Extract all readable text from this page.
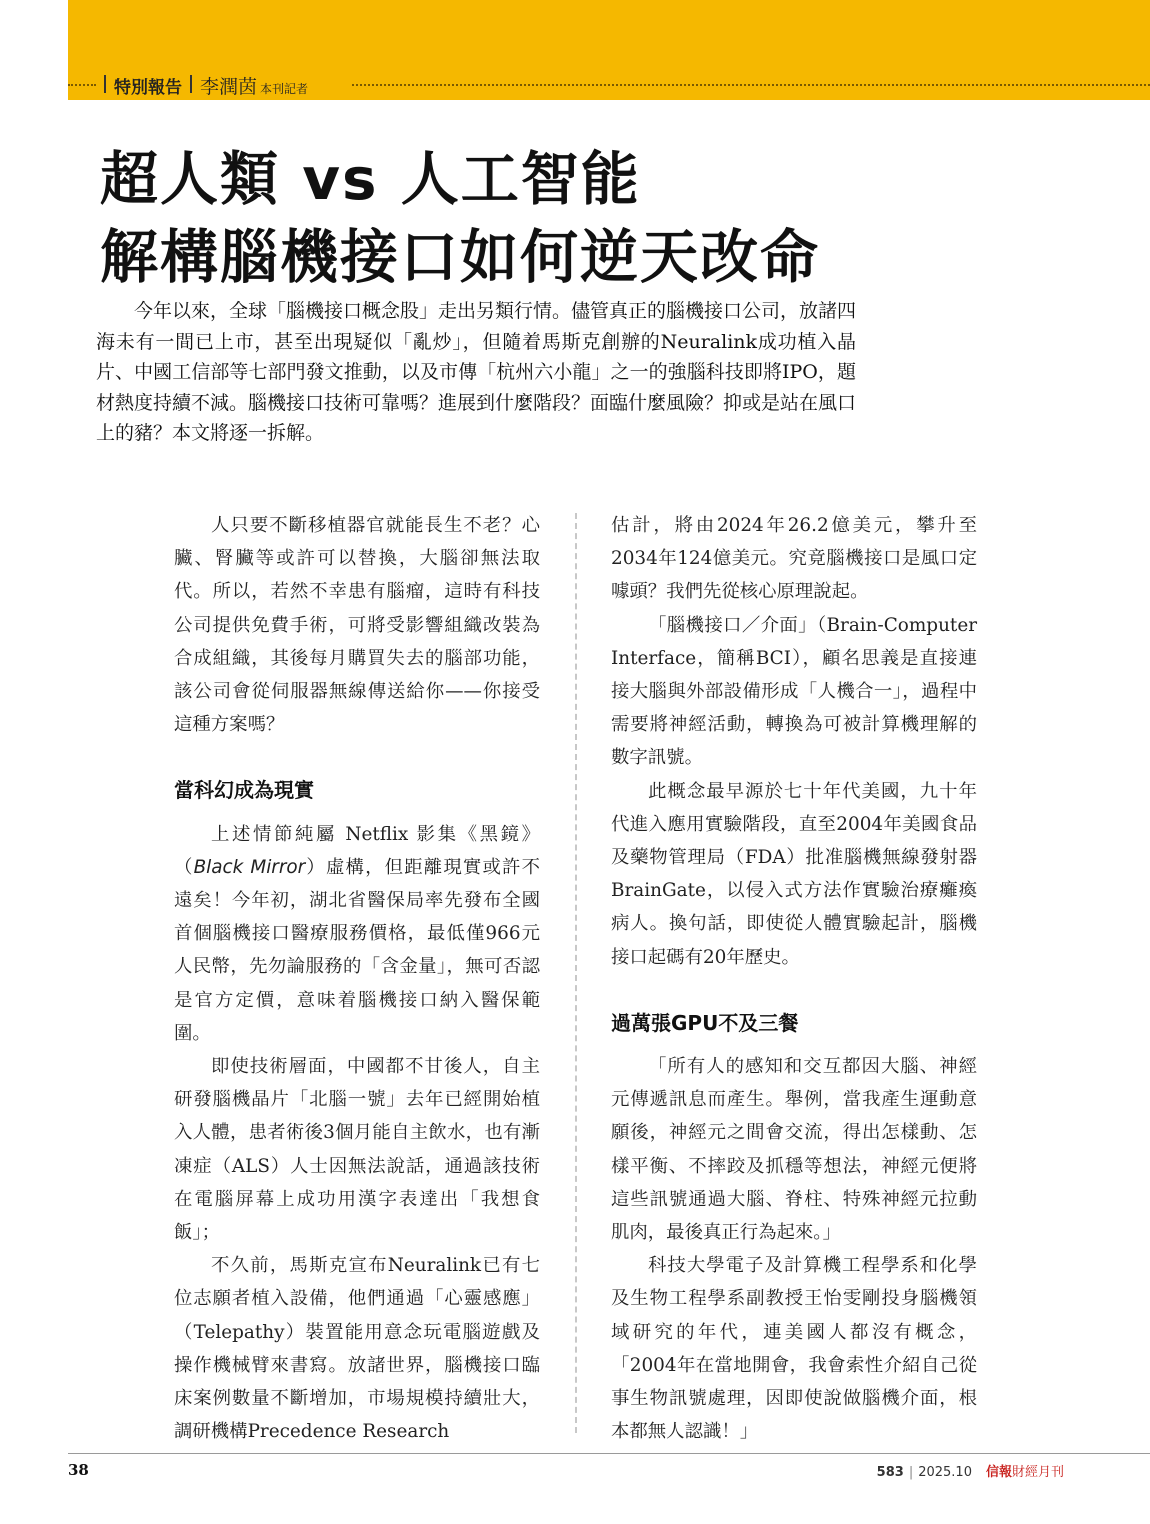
特別報告 李潤茵 本刊記者
超人類 vs 人工智能
解構腦機接口如何逆天改命

今年以來，全球「腦機接口概念股」走出另類行情。儘管真正的腦機接口公司，放諸四海未有一間已上市，甚至出現疑似「亂炒」，但隨着馬斯克創辦的Neuralink成功植入晶片、中國工信部等七部門發文推動，以及市傳「杭州六小龍」之一的強腦科技即將IPO，題材熱度持續不減。腦機接口技術可靠嗎？進展到什麼階段？面臨什麼風險？抑或是站在風口上的豬？本文將逐一拆解。

人只要不斷移植器官就能長生不老？心臟、腎臟等或許可以替換，大腦卻無法取代。所以，若然不幸患有腦瘤，這時有科技公司提供免費手術，可將受影響組織改裝為合成組織，其後每月購買失去的腦部功能，該公司會從伺服器無線傳送給你——你接受這種方案嗎？

當科幻成為現實

上述情節純屬 Netflix 影集《黑鏡》（Black Mirror）虛構，但距離現實或許不遠矣！今年初，湖北省醫保局率先發布全國首個腦機接口醫療服務價格，最低僅966元人民幣，先勿論服務的「含金量」，無可否認是官方定價，意味着腦機接口納入醫保範圍。

即使技術層面，中國都不甘後人，自主研發腦機晶片「北腦一號」去年已經開始植入人體，患者術後3個月能自主飲水，也有漸凍症（ALS）人士因無法說話，通過該技術在電腦屏幕上成功用漢字表達出「我想食飯」；

不久前，馬斯克宣布Neuralink已有七位志願者植入設備，他們通過「心靈感應」（Telepathy）裝置能用意念玩電腦遊戲及操作機械臂來書寫。放諸世界，腦機接口臨床案例數量不斷增加，市場規模持續壯大，調研機構Precedence Research

估計，將由2024年26.2億美元，攀升至2034年124億美元。究竟腦機接口是風口定噱頭？我們先從核心原理說起。

「腦機接口／介面」（Brain-Computer Interface，簡稱BCI），顧名思義是直接連接大腦與外部設備形成「人機合一」，過程中需要將神經活動，轉換為可被計算機理解的數字訊號。

此概念最早源於七十年代美國，九十年代進入應用實驗階段，直至2004年美國食品及藥物管理局（FDA）批准腦機無線發射器BrainGate，以侵入式方法作實驗治療癱瘓病人。換句話，即使從人體實驗起計，腦機接口起碼有20年歷史。

過萬張GPU不及三餐

「所有人的感知和交互都因大腦、神經元傳遞訊息而產生。舉例，當我產生運動意願後，神經元之間會交流，得出怎樣動、怎樣平衡、不摔跤及抓穩等想法，神經元便將這些訊號通過大腦、脊柱、特殊神經元拉動肌肉，最後真正行為起來。」

科技大學電子及計算機工程學系和化學及生物工程學系副教授王怡雯剛投身腦機領域研究的年代，連美國人都沒有概念，「2004年在當地開會，我會索性介紹自己從事生物訊號處理，因即使說做腦機介面，根本都無人認識！」

38	583 | 2025.10 信報財經月刊
